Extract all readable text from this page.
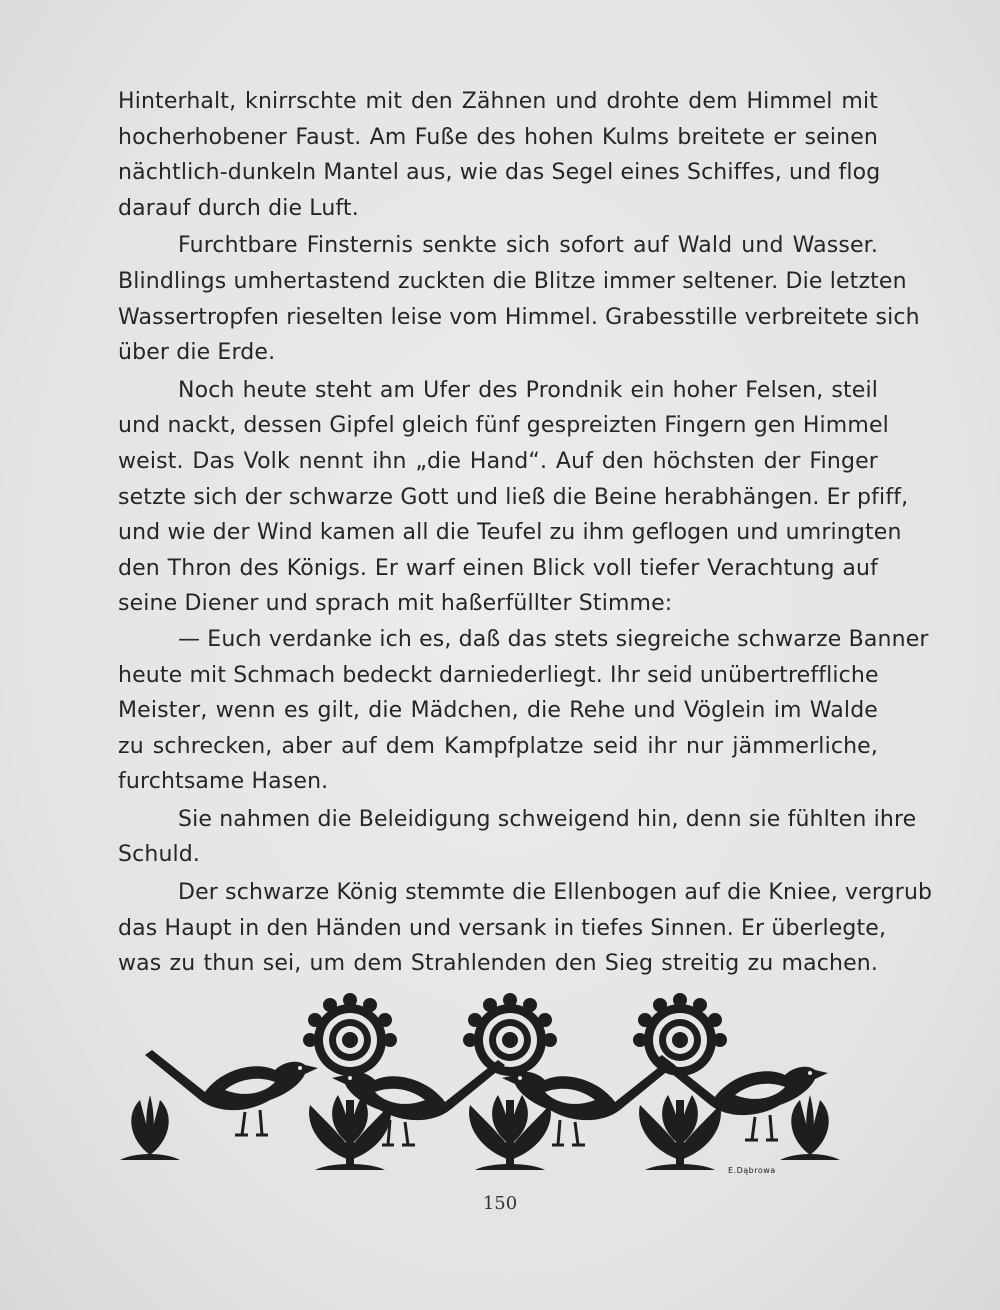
Hinterhalt, knirrschte mit den Zähnen und drohte dem Himmel mit
hocherhobener Faust. Am Fuße des hohen Kulms breitete er seinen
nächtlich-dunkeln Mantel aus, wie das Segel eines Schiffes, und flog
darauf durch die Luft.

Furchtbare Finsternis senkte sich sofort auf Wald und Wasser.
Blindlings umhertastend zuckten die Blitze immer seltener. Die letzten
Wassertropfen rieselten leise vom Himmel. Grabesstille verbreitete sich
über die Erde.

Noch heute steht am Ufer des Prondnik ein hoher Felsen, steil
und nackt, dessen Gipfel gleich fünf gespreizten Fingern gen Himmel
weist. Das Volk nennt ihn „die Hand“. Auf den höchsten der Finger
setzte sich der schwarze Gott und ließ die Beine herabhängen. Er pfiff,
und wie der Wind kamen all die Teufel zu ihm geflogen und umringten
den Thron des Königs. Er warf einen Blick voll tiefer Verachtung auf
seine Diener und sprach mit haßerfüllter Stimme:

— Euch verdanke ich es, daß das stets siegreiche schwarze Banner
heute mit Schmach bedeckt darniederliegt. Ihr seid unübertreffliche
Meister, wenn es gilt, die Mädchen, die Rehe und Vöglein im Walde
zu schrecken, aber auf dem Kampfplatze seid ihr nur jämmerliche,
furchtsame Hasen.

Sie nahmen die Beleidigung schweigend hin, denn sie fühlten ihre
Schuld.

Der schwarze König stemmte die Ellenbogen auf die Kniee, vergrub
das Haupt in den Händen und versank in tiefes Sinnen. Er überlegte,
was zu thun sei, um dem Strahlenden den Sieg streitig zu machen.

E.Dąbrowa
150
